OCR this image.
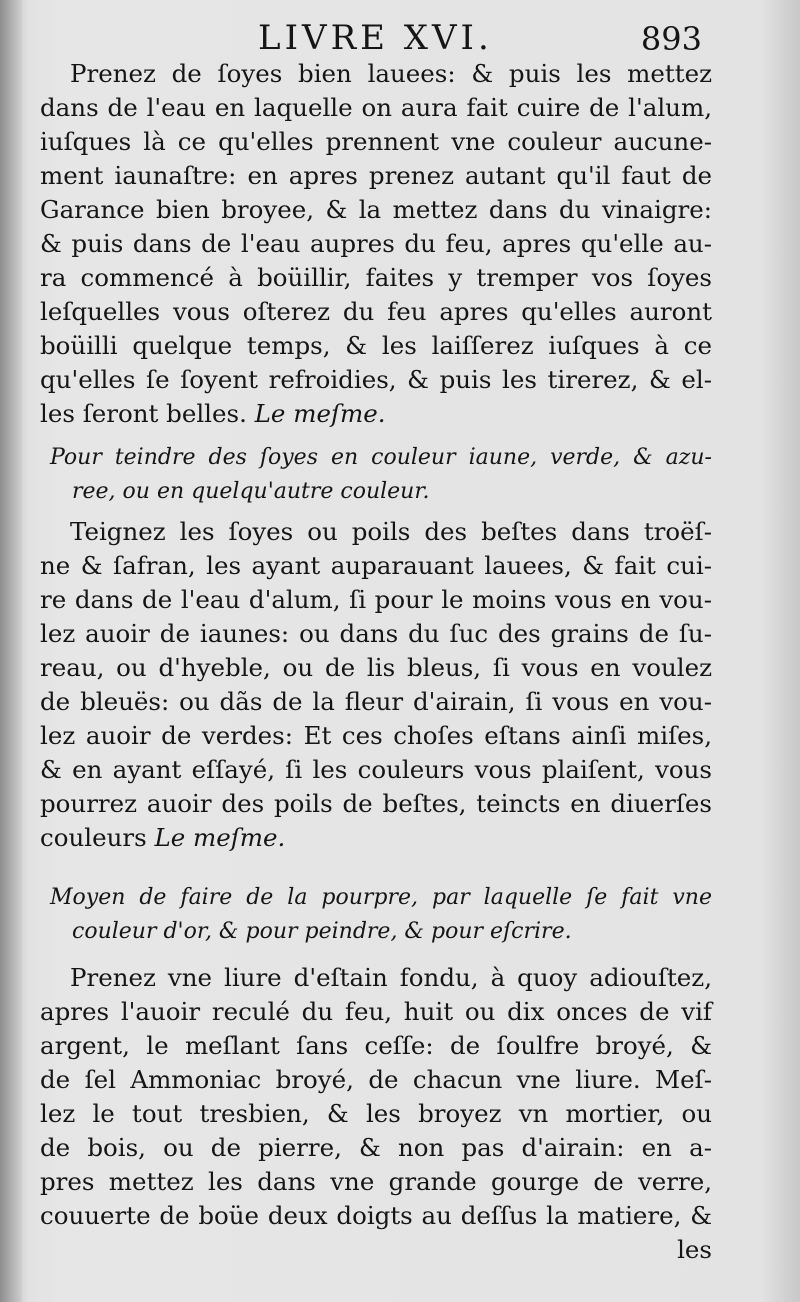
LIVRE XVI.	893
Prenez de ſoyes bien lauees: & puis les mettez
dans de l'eau en laquelle on aura fait cuire de l'alum,
iuſques là ce qu'elles prennent vne couleur aucune-
ment iaunaſtre: en apres prenez autant qu'il faut de
Garance bien broyee, & la mettez dans du vinaigre:
& puis dans de l'eau aupres du feu, apres qu'elle au-
ra commencé à boüillir, faites y tremper vos ſoyes
leſquelles vous oſterez du feu apres qu'elles auront
boüilli quelque temps, & les laiſſerez iuſques à ce
qu'elles ſe ſoyent refroidies, & puis les tirerez, & el-
les ſeront belles. Le meſme.
Pour teindre des ſoyes en couleur iaune, verde, & azu-
ree, ou en quelqu'autre couleur.
Teignez les ſoyes ou poils des beſtes dans troëſ-
ne & ſafran, les ayant auparauant lauees, & fait cui-
re dans de l'eau d'alum, ſi pour le moins vous en vou-
lez auoir de iaunes: ou dans du ſuc des grains de ſu-
reau, ou d'hyeble, ou de lis bleus, ſi vous en voulez
de bleuës: ou dãs de la fleur d'airain, ſi vous en vou-
lez auoir de verdes: Et ces choſes eſtans ainſi miſes,
& en ayant eſſayé, ſi les couleurs vous plaiſent, vous
pourrez auoir des poils de beſtes, teincts en diuerſes
couleurs Le meſme.
Moyen de faire de la pourpre, par laquelle ſe fait vne
couleur d'or, & pour peindre, & pour eſcrire.
Prenez vne liure d'eſtain fondu, à quoy adiouſtez,
apres l'auoir reculé du feu, huit ou dix onces de vif
argent, le meſlant ſans ceſſe: de ſoulfre broyé, &
de ſel Ammoniac broyé, de chacun vne liure. Meſ-
lez le tout tresbien, & les broyez vn mortier, ou
de bois, ou de pierre, & non pas d'airain: en a-
pres mettez les dans vne grande gourge de verre,
couuerte de boüe deux doigts au deſſus la matiere, &
les
